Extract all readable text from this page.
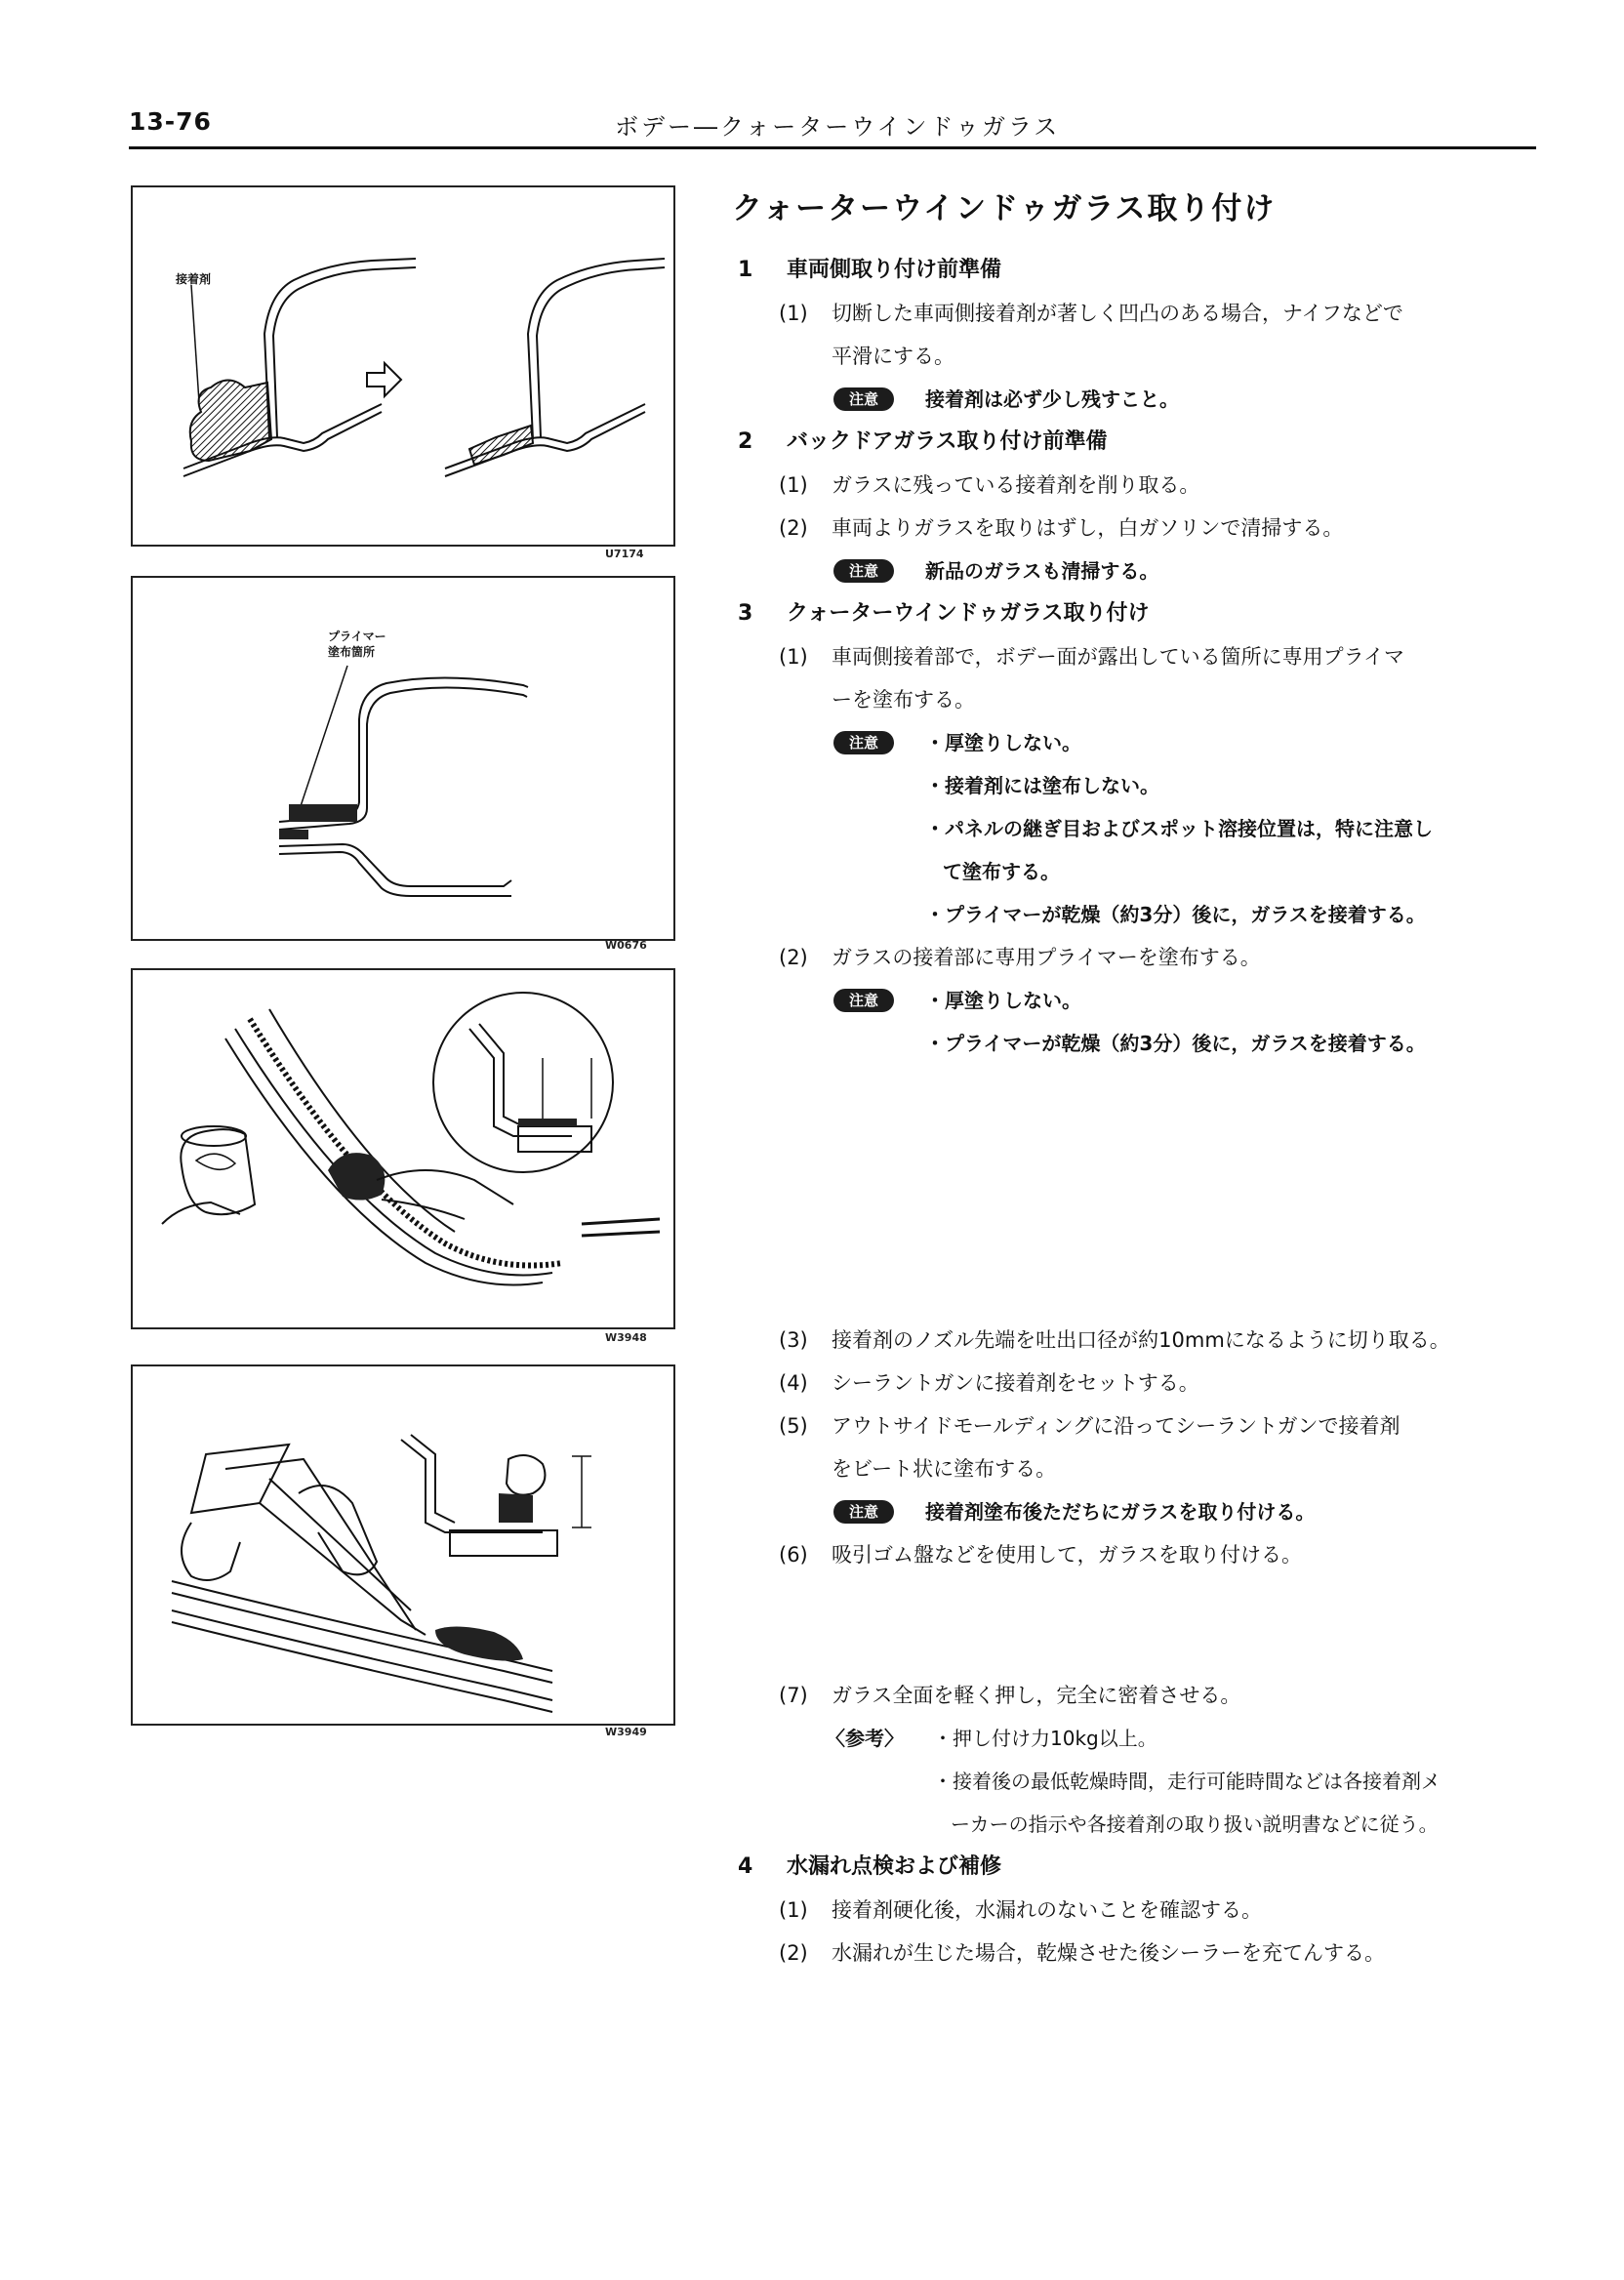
13-76	ボデー―クォーターウインドゥガラス
接着剤
U7174
プライマー
塗布箇所
W0676
W3948
W3949
クォーターウインドゥガラス取り付け
1	車両側取り付け前準備
(1)	切断した車両側接着剤が著しく凹凸のある場合，ナイフなどで
平滑にする。
注意	接着剤は必ず少し残すこと。
2	バックドアガラス取り付け前準備
(1)	ガラスに残っている接着剤を削り取る。
(2)	車両よりガラスを取りはずし，白ガソリンで清掃する。
注意	新品のガラスも清掃する。
3	クォーターウインドゥガラス取り付け
(1)	車両側接着部で，ボデー面が露出している箇所に専用プライマ
ーを塗布する。
注意	・厚塗りしない。
・接着剤には塗布しない。
・パネルの継ぎ目およびスポット溶接位置は，特に注意し
て塗布する。
・プライマーが乾燥（約3分）後に，ガラスを接着する。
(2)	ガラスの接着部に専用プライマーを塗布する。
注意	・厚塗りしない。
・プライマーが乾燥（約3分）後に，ガラスを接着する。
(3)	接着剤のノズル先端を吐出口径が約10mmになるように切り取る。
(4)	シーラントガンに接着剤をセットする。
(5)	アウトサイドモールディングに沿ってシーラントガンで接着剤
をビート状に塗布する。
注意	接着剤塗布後ただちにガラスを取り付ける。
(6)	吸引ゴム盤などを使用して，ガラスを取り付ける。
(7)	ガラス全面を軽く押し，完全に密着させる。
〈参考〉	・押し付け力10kg以上。
・接着後の最低乾燥時間，走行可能時間などは各接着剤メ
ーカーの指示や各接着剤の取り扱い説明書などに従う。
4	水漏れ点検および補修
(1)	接着剤硬化後，水漏れのないことを確認する。
(2)	水漏れが生じた場合，乾燥させた後シーラーを充てんする。
